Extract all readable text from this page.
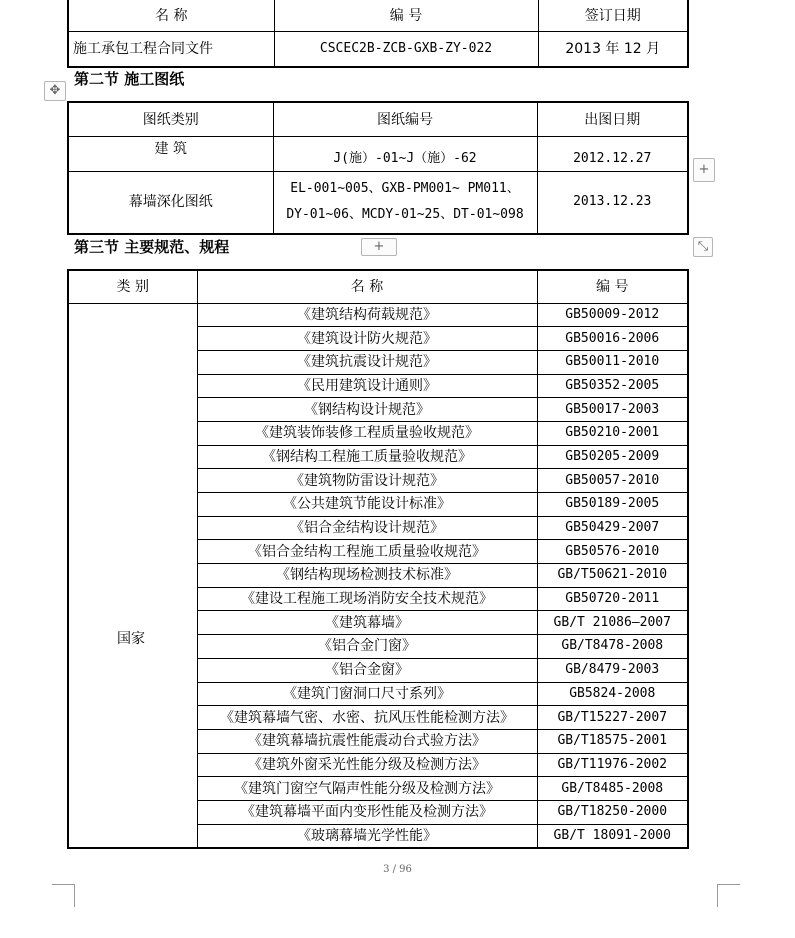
名 称	编 号	签订日期
施工承包工程合同文件	CSCEC2B-ZCB-GXB-ZY-022	2013 年 12 月
✥
第二节 施工图纸
图纸类别	图纸编号	出图日期
建 筑	J(施）-01~J（施）-62	2012.12.27
幕墙深化图纸	EL-001~005、GXB-PM001~ PM011、
DY-01~06、MCDY-01~25、DT-01~098	2013.12.23
+
⤡
第三节 主要规范、规程	+
类 别	名 称	编 号
国家	《建筑结构荷载规范》	GB50009-2012
	《建筑设计防火规范》	GB50016-2006
	《建筑抗震设计规范》	GB50011-2010
	《民用建筑设计通则》	GB50352-2005
	《钢结构设计规范》	GB50017-2003
	《建筑装饰装修工程质量验收规范》	GB50210-2001
	《钢结构工程施工质量验收规范》	GB50205-2009
	《建筑物防雷设计规范》	GB50057-2010
	《公共建筑节能设计标准》	GB50189-2005
	《铝合金结构设计规范》	GB50429-2007
	《铝合金结构工程施工质量验收规范》	GB50576-2010
	《钢结构现场检测技术标准》	GB/T50621-2010
	《建设工程施工现场消防安全技术规范》	GB50720-2011
	《建筑幕墙》	GB/T 21086—2007
	《铝合金门窗》	GB/T8478-2008
	《铝合金窗》	GB/8479-2003
	《建筑门窗洞口尺寸系列》	GB5824-2008
	《建筑幕墙气密、水密、抗风压性能检测方法》	GB/T15227-2007
	《建筑幕墙抗震性能震动台式验方法》	GB/T18575-2001
	《建筑外窗采光性能分级及检测方法》	GB/T11976-2002
	《建筑门窗空气隔声性能分级及检测方法》	GB/T8485-2008
	《建筑幕墙平面内变形性能及检测方法》	GB/T18250-2000
	《玻璃幕墙光学性能》	GB/T 18091-2000
3 / 96
